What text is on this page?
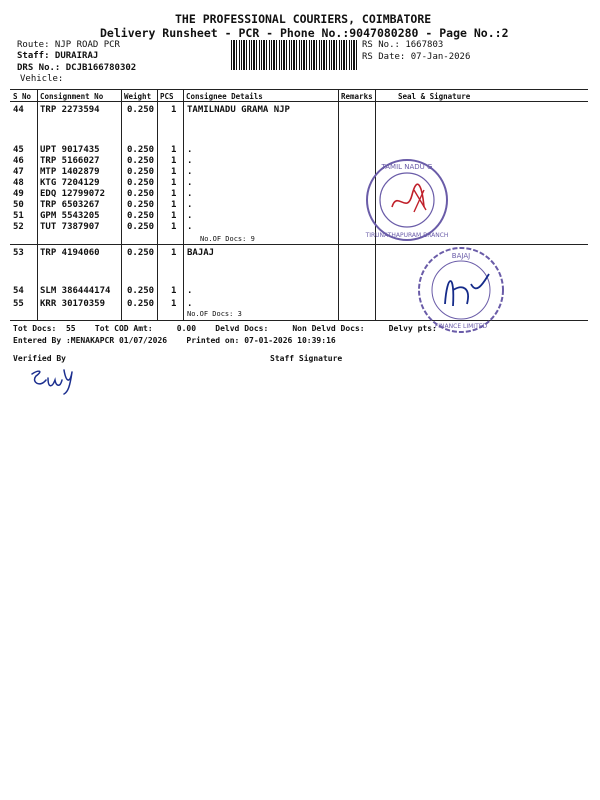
THE PROFESSIONAL COURIERS, COIMBATORE
Delivery Runsheet - PCR - Phone No.:9047080280 - Page No.:2
Route: NJP ROAD PCR
Staff: DURAIRAJ
DRS No.: DCJB166780302
Vehicle:
RS No.: 1667803
RS Date: 07-Jan-2026
S No Consignment No	Weight PCS Consignee Details	Remarks	Seal & Signature
44 TRP 2273594	0.250 1 TAMILNADU GRAMA NJP
45 UPT 9017435	0.250 1 .
46 TRP 5166027	0.250 1 .
47 MTP 1402879	0.250 1 .
48 KTG 7204129	0.250 1 .
49 EDQ 12799072 0.250 1 .
50 TRP 6503267	0.250 1 .
51 GPM 5543205	0.250 1 .
52 TUT 7387907	0.250 1 .
No.OF Docs: 9
53 TRP 4194060	0.250 1 BAJAJ
54 SLM 386444174 0.250 1 .
55 KRR 30170359 0.250 1 .
No.OF Docs: 3
TAMIL NADU G
TIRUNATHAPURAM BRANCH
BAJAJ
FINANCE LIMITED
Tot Docs:  55    Tot COD Amt:     0.00    Delvd Docs:     Non Delvd Docs:     Delvy pts:
Entered By :MENAKAPCR 01/07/2026    Printed on: 07-01-2026 10:39:16
Verified By	Staff Signature
